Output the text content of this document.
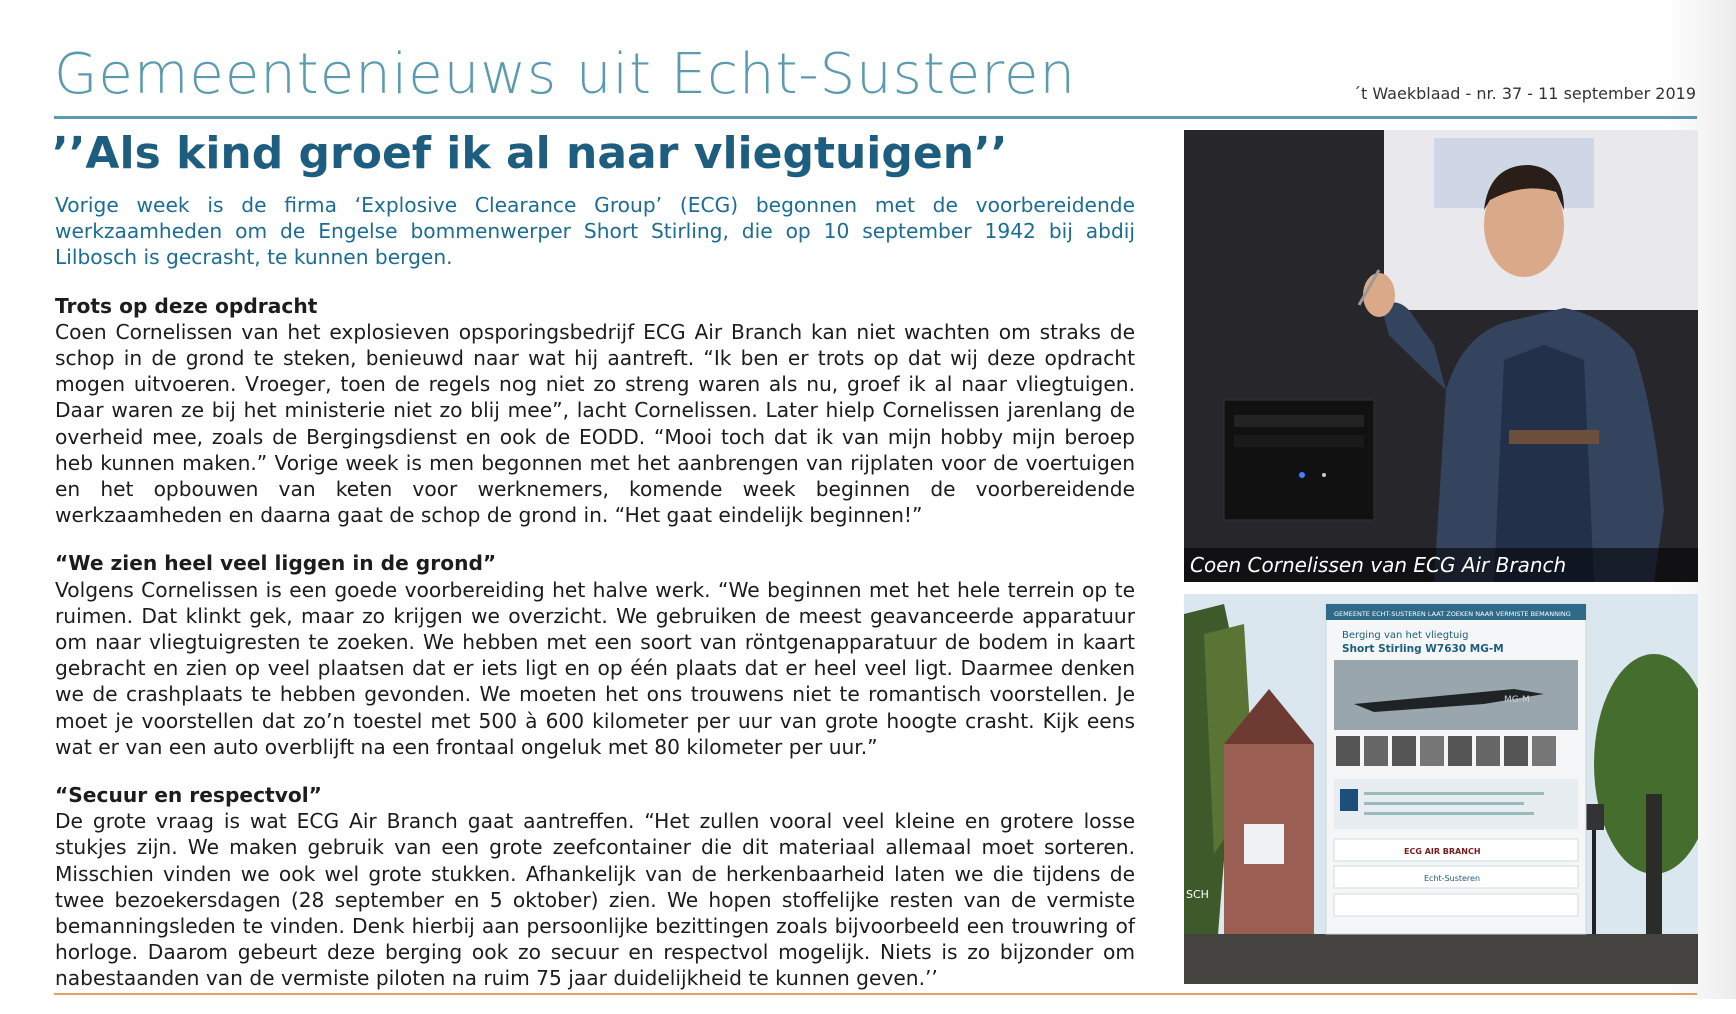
Gemeentenieuws uit Echt-Susteren	´t Waekblaad - nr. 37 - 11 september 2019
’’Als kind groef ik al naar vliegtuigen’’

Vorige week is de firma ‘Explosive Clearance Group’ (ECG) begonnen met de voorbereidende werkzaamheden om de Engelse bommenwerper Short Stirling, die op 10 september 1942 bij abdij Lilbosch is gecrasht, te kunnen bergen.

Trots op deze opdracht

Coen Cornelissen van het explosieven opsporingsbedrijf ECG Air Branch kan niet wachten om straks de schop in de grond te steken, benieuwd naar wat hij aantreft. “Ik ben er trots op dat wij deze opdracht mogen uitvoeren. Vroeger, toen de regels nog niet zo streng waren als nu, groef ik al naar vliegtuigen. Daar waren ze bij het ministerie niet zo blij mee”, lacht Cornelissen. Later hielp Cornelissen jarenlang de overheid mee, zoals de Bergingsdienst en ook de EODD. “Mooi toch dat ik van mijn hobby mijn beroep heb kunnen maken.” Vorige week is men begonnen met het aanbrengen van rijplaten voor de voertuigen en het opbouwen van keten voor werknemers, komende week beginnen de voorbereidende werkzaamheden en daarna gaat de schop de grond in. “Het gaat eindelijk beginnen!”

“We zien heel veel liggen in de grond”

Volgens Cornelissen is een goede voorbereiding het halve werk. “We beginnen met het hele terrein op te ruimen. Dat klinkt gek, maar zo krijgen we overzicht. We gebruiken de meest geavanceerde apparatuur om naar vliegtuigresten te zoeken. We hebben met een soort van röntgenapparatuur de bodem in kaart gebracht en zien op veel plaatsen dat er iets ligt en op één plaats dat er heel veel ligt. Daarmee denken we de crashplaats te hebben gevonden. We moeten het ons trouwens niet te romantisch voorstellen. Je moet je voorstellen dat zo’n toestel met 500 à 600 kilometer per uur van grote hoogte crasht. Kijk eens wat er van een auto overblijft na een frontaal ongeluk met 80 kilometer per uur.”

“Secuur en respectvol”

De grote vraag is wat ECG Air Branch gaat aantreffen. “Het zullen vooral veel kleine en grotere losse stukjes zijn. We maken gebruik van een grote zeefcontainer die dit materiaal allemaal moet sorteren. Misschien vinden we ook wel grote stukken. Afhankelijk van de herkenbaarheid laten we die tijdens de twee bezoekersdagen (28 september en 5 oktober) zien. We hopen stoffelijke resten van de vermiste bemanningsleden te vinden. Denk hierbij aan persoonlijke bezittingen zoals bijvoorbeeld een trouwring of horloge. Daarom gebeurt deze berging ook zo secuur en respectvol mogelijk. Niets is zo bijzonder om nabestaanden van de vermiste piloten na ruim 75 jaar duidelijkheid te kunnen geven.’’

Coen Cornelissen van ECG Air Branch
GEMEENTE ECHT-SUSTEREN LAAT ZOEKEN NAAR VERMISTE BEMANNING
Berging van het vliegtuig
Short Stirling W7630 MG-M
MG-M
ECG AIR BRANCH
Echt-Susteren
SCH
